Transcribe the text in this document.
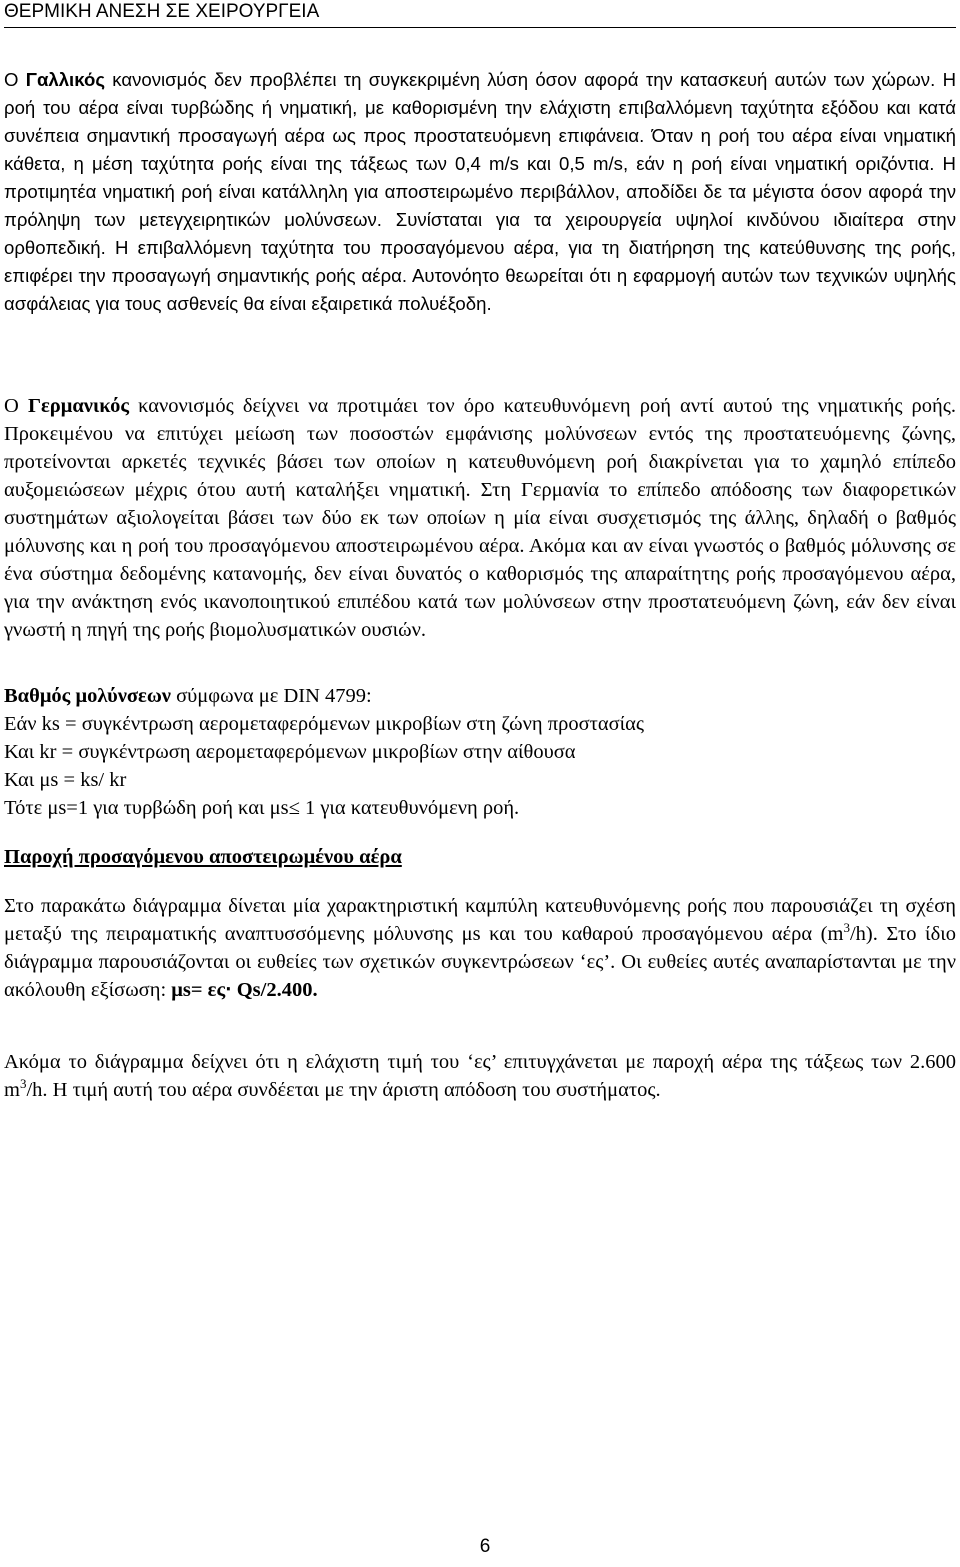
ΘΕΡΜΙΚΗ ΑΝΕΣΗ ΣΕ ΧΕΙΡΟΥΡΓΕΙΑ

Ο Γαλλικός κανονισμός δεν προβλέπει τη συγκεκριμένη λύση όσον αφορά την κατασκευή αυτών των χώρων. Η ροή του αέρα είναι τυρβώδης ή νηματική, με καθορισμένη την ελάχιστη επιβαλλόμενη ταχύτητα εξόδου και κατά συνέπεια σημαντική προσαγωγή αέρα ως προς προστατευόμενη επιφάνεια. Όταν η ροή του αέρα είναι νηματική κάθετα, η μέση ταχύτητα ροής είναι της τάξεως των 0,4 m/s και 0,5 m/s, εάν η ροή είναι νηματική οριζόντια. Η προτιμητέα νηματική ροή είναι κατάλληλη για αποστειρωμένο περιβάλλον, αποδίδει δε τα μέγιστα όσον αφορά την πρόληψη των μετεγχειρητικών μολύνσεων. Συνίσταται για τα χειρουργεία υψηλοί κινδύνου ιδιαίτερα στην ορθοπεδική. Η επιβαλλόμενη ταχύτητα του προσαγόμενου αέρα, για τη διατήρηση της κατεύθυνσης της ροής, επιφέρει την προσαγωγή σημαντικής ροής αέρα. Αυτονόητο θεωρείται ότι η εφαρμογή αυτών των τεχνικών υψηλής ασφάλειας για τους ασθενείς θα είναι εξαιρετικά πολυέξοδη.

Ο Γερμανικός κανονισμός δείχνει να προτιμάει τον όρο κατευθυνόμενη ροή αντί αυτού της νηματικής ροής. Προκειμένου να επιτύχει μείωση των ποσοστών εμφάνισης μολύνσεων εντός της προστατευόμενης ζώνης, προτείνονται αρκετές τεχνικές βάσει των οποίων η κατευθυνόμενη ροή διακρίνεται για το χαμηλό επίπεδο αυξομειώσεων μέχρις ότου αυτή καταλήξει νηματική. Στη Γερμανία το επίπεδο απόδοσης των διαφορετικών συστημάτων αξιολογείται βάσει των δύο εκ των οποίων η μία είναι συσχετισμός της άλλης, δηλαδή ο βαθμός μόλυνσης και η ροή του προσαγόμενου αποστειρωμένου αέρα. Ακόμα και αν είναι γνωστός ο βαθμός μόλυνσης σε ένα σύστημα δεδομένης κατανομής, δεν είναι δυνατός ο καθορισμός της απαραίτητης ροής προσαγόμενου αέρα, για την ανάκτηση ενός ικανοποιητικού επιπέδου κατά των μολύνσεων στην προστατευόμενη ζώνη, εάν δεν είναι γνωστή η πηγή της ροής βιομολυσματικών ουσιών.

Βαθμός μολύνσεων σύμφωνα με DIN 4799:
Εάν ks = συγκέντρωση αερομεταφερόμενων μικροβίων στη ζώνη προστασίας
Και kr = συγκέντρωση αερομεταφερόμενων μικροβίων στην αίθουσα
Και μs = ks/ kr
Τότε μs=1 για τυρβώδη ροή και μs≤ 1 για κατευθυνόμενη ροή.
Παροχή προσαγόμενου αποστειρωμένου αέρα

Στο παρακάτω διάγραμμα δίνεται μία χαρακτηριστική καμπύλη κατευθυνόμενης ροής που παρουσιάζει τη σχέση μεταξύ της πειραματικής αναπτυσσόμενης μόλυνσης μs και του καθαρού προσαγόμενου αέρα $(m^3/h)$. Στο ίδιο διάγραμμα παρουσιάζονται οι ευθείες των σχετικών συγκεντρώσεων ‘ες’. Οι ευθείες αυτές αναπαρίστανται με την ακόλουθη εξίσωση: μs= ες⋅ Qs/2.400.

Ακόμα το διάγραμμα δείχνει ότι η ελάχιστη τιμή του ‘ες’ επιτυγχάνεται με παροχή αέρα της τάξεως των 2.600 $m^3/h$. Η τιμή αυτή του αέρα συνδέεται με την άριστη απόδοση του συστήματος.

6
